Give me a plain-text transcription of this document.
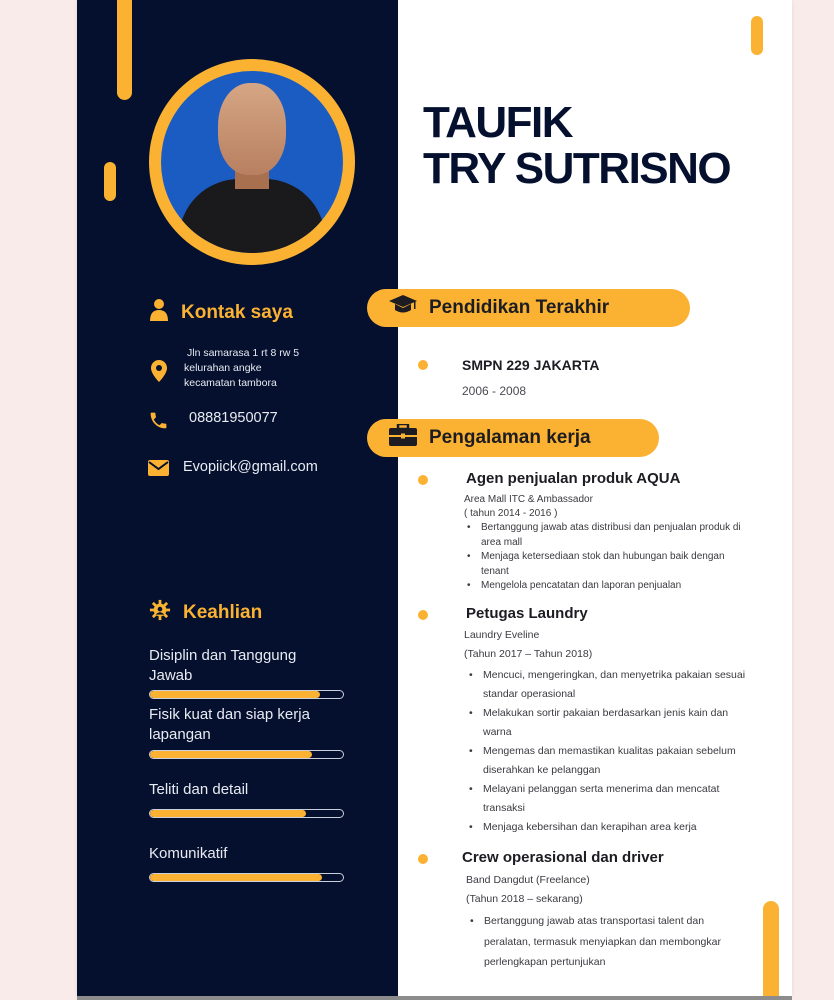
Kontak saya
Jln samarasa 1 rt 8 rw 5
kelurahan angke
kecamatan tambora
08881950077
Evopiick@gmail.com
Keahlian
Disiplin dan Tanggung
Jawab
Fisik kuat dan siap kerja
lapangan
Teliti dan detail
Komunikatif
TAUFIK
TRY SUTRISNO
Pendidikan Terakhir
SMPN 229 JAKARTA
2006 - 2008
Pengalaman kerja
Agen penjualan produk AQUA
Area Mall ITC & Ambassador
( tahun 2014 - 2016 )
• Bertanggung jawab atas distribusi dan penjualan produk di area mall
• Menjaga ketersediaan stok dan hubungan baik dengan tenant
• Mengelola pencatatan dan laporan penjualan
Petugas Laundry
Laundry Eveline
(Tahun 2017 – Tahun 2018)
• Mencuci, mengeringkan, dan menyetrika pakaian sesuai standar operasional
• Melakukan sortir pakaian berdasarkan jenis kain dan warna
• Mengemas dan memastikan kualitas pakaian sebelum diserahkan ke pelanggan
• Melayani pelanggan serta menerima dan mencatat transaksi
• Menjaga kebersihan dan kerapihan area kerja
Crew operasional dan driver
Band Dangdut (Freelance)
(Tahun 2018 – sekarang)
• Bertanggung jawab atas transportasi talent dan peralatan, termasuk menyiapkan dan membongkar perlengkapan pertunjukan
